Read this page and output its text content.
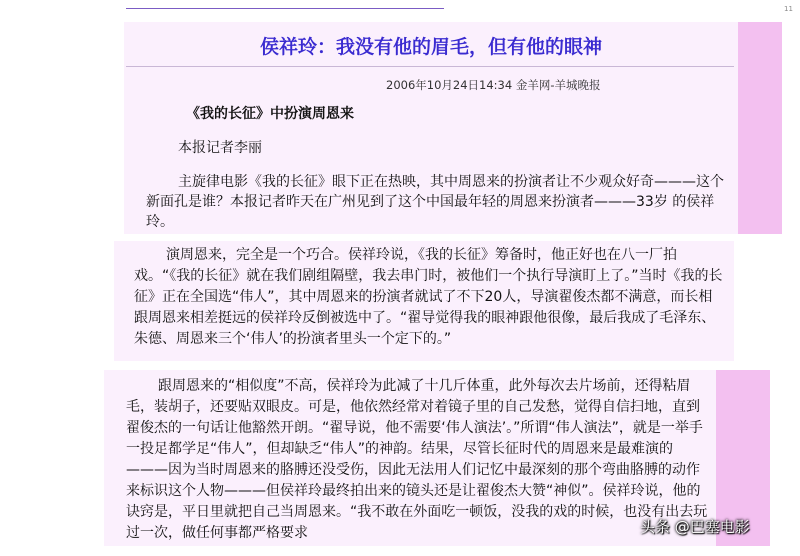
11
侯祥玲：我没有他的眉毛，但有他的眼神
2006年10月24日14:34 金羊网-羊城晚报
《我的长征》中扮演周恩来
本报记者李丽

主旋律电影《我的长征》眼下正在热映，其中周恩来的扮演者让不少观众好奇———这个新面孔是谁？本报记者昨天在广州见到了这个中国最年轻的周恩来扮演者———33岁 的侯祥玲。

演周恩来，完全是一个巧合。侯祥玲说，《我的长征》筹备时，他正好也在八一厂拍戏。“《我的长征》就在我们剧组隔壁，我去串门时，被他们一个执行导演盯上了。”当时《我的长征》正在全国选“伟人”，其中周恩来的扮演者就试了不下20人，导演翟俊杰都不满意，而长相跟周恩来相差挺远的侯祥玲反倒被选中了。“翟导觉得我的眼神跟他很像，最后我成了毛泽东、朱德、周恩来三个‘伟人’的扮演者里头一个定下的。”

跟周恩来的“相似度”不高，侯祥玲为此减了十几斤体重，此外每次去片场前，还得粘眉毛，装胡子，还要贴双眼皮。可是，他依然经常对着镜子里的自己发愁，觉得自信扫地，直到翟俊杰的一句话让他豁然开朗。“翟导说，他不需要‘伟人演法’。”所谓“伟人演法”，就是一举手一投足都学足“伟人”，但却缺乏“伟人”的神韵。结果，尽管长征时代的周恩来是最难演的———因为当时周恩来的胳膊还没受伤，因此无法用人们记忆中最深刻的那个弯曲胳膊的动作来标识这个人物———但侯祥玲最终拍出来的镜头还是让翟俊杰大赞“神似”。侯祥玲说，他的诀窍是，平日里就把自己当周恩来。“我不敢在外面吃一顿饭，没我的戏的时候，也没有出去玩过一次，做任何事都严格要求	头条 @巴塞电影
